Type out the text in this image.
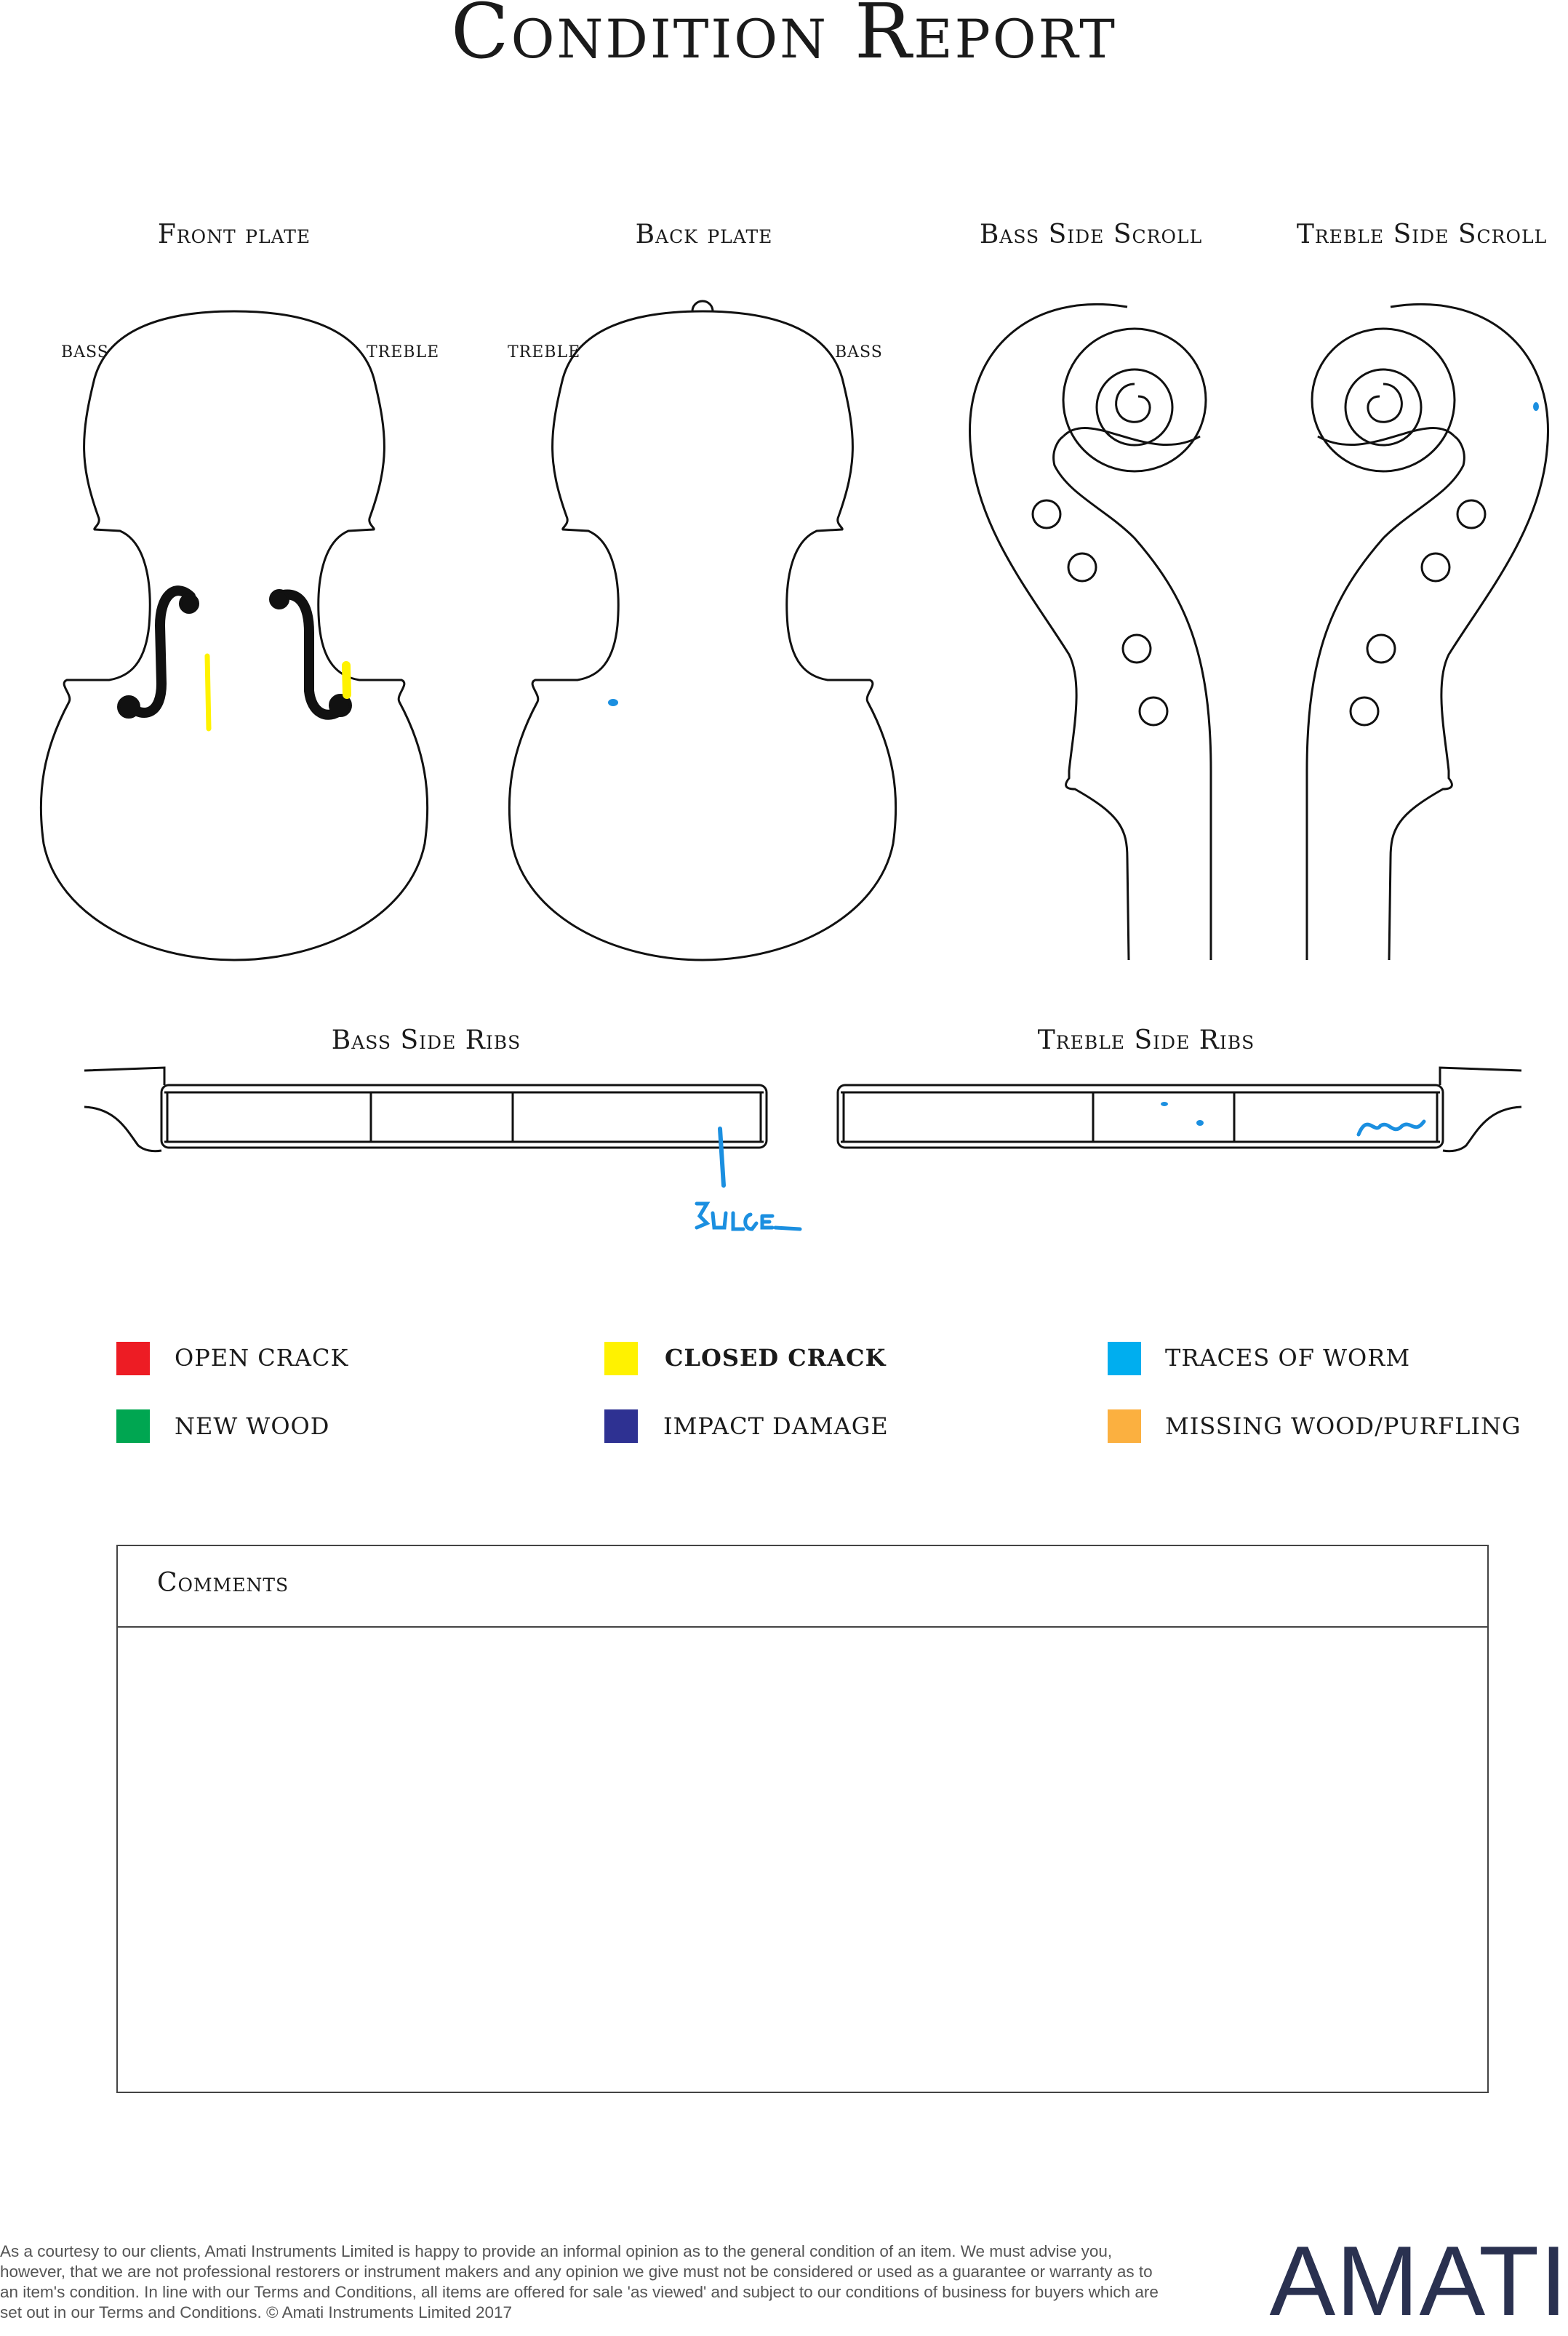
Condition Report
Front plate	Back plate	Bass Side Scroll	Treble Side Scroll
Bass Side Ribs	Treble Side Ribs
BASS	TREBLE	TREBLE	BASS
OPEN CRACK	CLOSED CRACK	TRACES OF WORM
NEW WOOD	IMPACT DAMAGE	MISSING WOOD/PURFLING
Comments
As a courtesy to our clients, Amati Instruments Limited is happy to provide an informal opinion as to the general condition of an item. We must advise you, however, that we are not professional restorers or instrument makers and any opinion we give must not be considered or used as a guarantee or warranty as to an item's condition. In line with our Terms and Conditions, all items are offered for sale 'as viewed' and subject to our conditions of business for buyers which are set out in our Terms and Conditions. © Amati Instruments Limited 2017	AMATI
